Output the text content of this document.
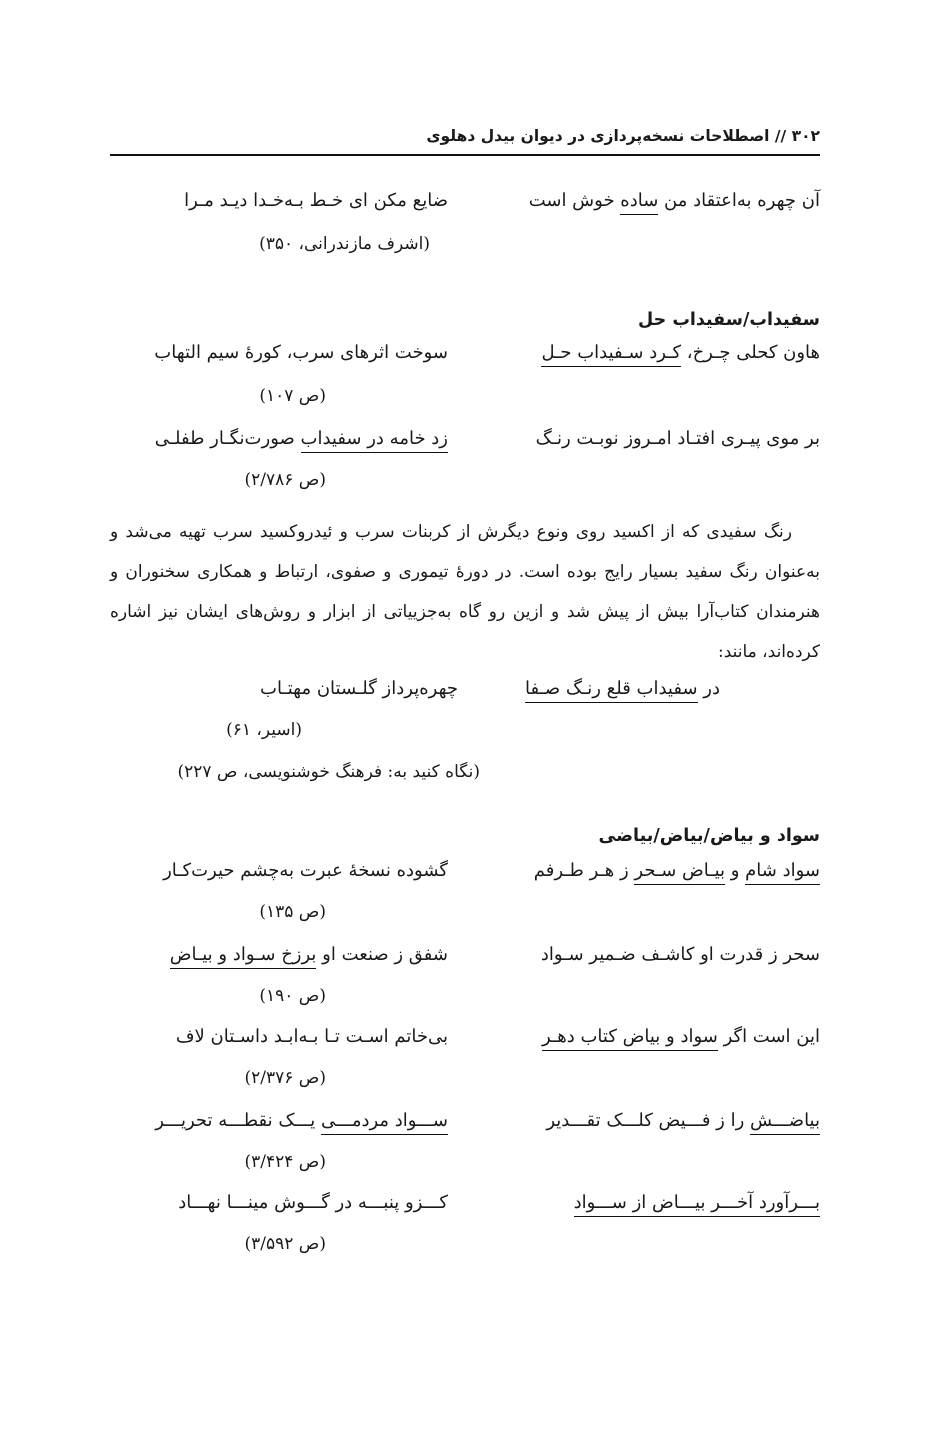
۳۰۲ // اصطلاحات نسخه‌پردازی در دیوان بیدل دهلوی
آن چهره به‌اعتقاد من ساده خوش است
ضایع مکن ای خـط بـه‌خـدا دیـد مـرا
(اشرف مازندرانی، ۳۵۰)
سفیداب/سفیداب حل
هاون کحلی چـرخ، کـرد سـفیداب حـل
سوخت اثرهای سرب، کورهٔ سیم التهاب
(ص ۱۰۷)
بر موی پیـری افتـاد امـروز نوبـت رنـگ
زد خامه در سفیداب صورت‌نگـار طفلـی
(ص ۲/۷۸۶)
رنگ سفیدی که از اکسید روی ونوع دیگرش از کربنات سرب و ئیدروکسید سرب تهیه می‌شد و به‌عنوان رنگ سفید بسیار رایج بوده است. در دورهٔ تیموری و صفوی، ارتباط و همکاری سخنوران و هنرمندان کتاب‌آرا بیش از پیش شد و ازین رو گاه به‌جزییاتی از ابزار و روش‌های ایشان نیز اشاره کرده‌اند، مانند:
در سفیداب قلع رنـگ صـفا
چهره‌پرداز گلـستان مهتـاب
(اسیر، ۶۱)
(نگاه کنید به: فرهنگ خوشنویسی، ص ۲۲۷)
سواد و بیاض/بیاض/بیاضی
سواد شام و بیـاض سـحر ز هـر طـرفم
گشوده نسخهٔ عبرت به‌چشم حیرت‌کـار
(ص ۱۳۵)
سحر ز قدرت او کاشـف ضـمیر سـواد
شفق ز صنعت او برزخ سـواد و بیـاض
(ص ۱۹۰)
این است اگر سواد و بیاض کتاب دهـر
بی‌خاتم اسـت تـا بـه‌ابـد داسـتان لاف
(ص ۲/۳۷۶)
بیاضـــش را ز فـــیض کلـــک تقـــدیر
ســـواد مردمـــی یـــک نقطـــه تحریـــر
(ص ۳/۴۲۴)
بـــرآورد آخـــر بیـــاض از ســـواد
کـــزو پنبـــه در گـــوش مینـــا نهـــاد
(ص ۳/۵۹۲)
